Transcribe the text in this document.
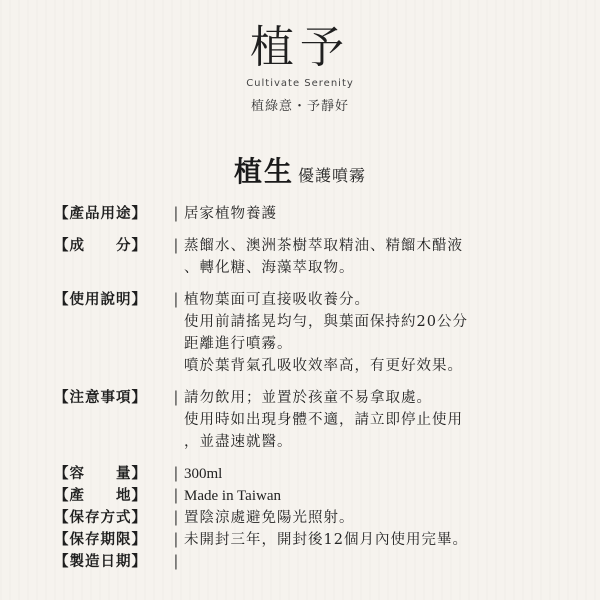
植予
Cultivate Serenity
植綠意・予靜好
植生 優護噴霧
【產品用途】	| 居家植物養護
【成　　分】	| 蒸餾水、澳洲茶樹萃取精油、精餾木醋液
、轉化糖、海藻萃取物。
【使用說明】	| 植物葉面可直接吸收養分。
使用前請搖晃均勻，與葉面保持約20公分
距離進行噴霧。
噴於葉背氣孔吸收效率高，有更好效果。
【注意事項】	| 請勿飲用；並置於孩童不易拿取處。
使用時如出現身體不適，請立即停止使用
，並盡速就醫。
【容　　量】	| 300ml
【產　　地】	| Made in Taiwan
【保存方式】	| 置陰涼處避免陽光照射。
【保存期限】	| 未開封三年，開封後12個月內使用完畢。
【製造日期】	|
